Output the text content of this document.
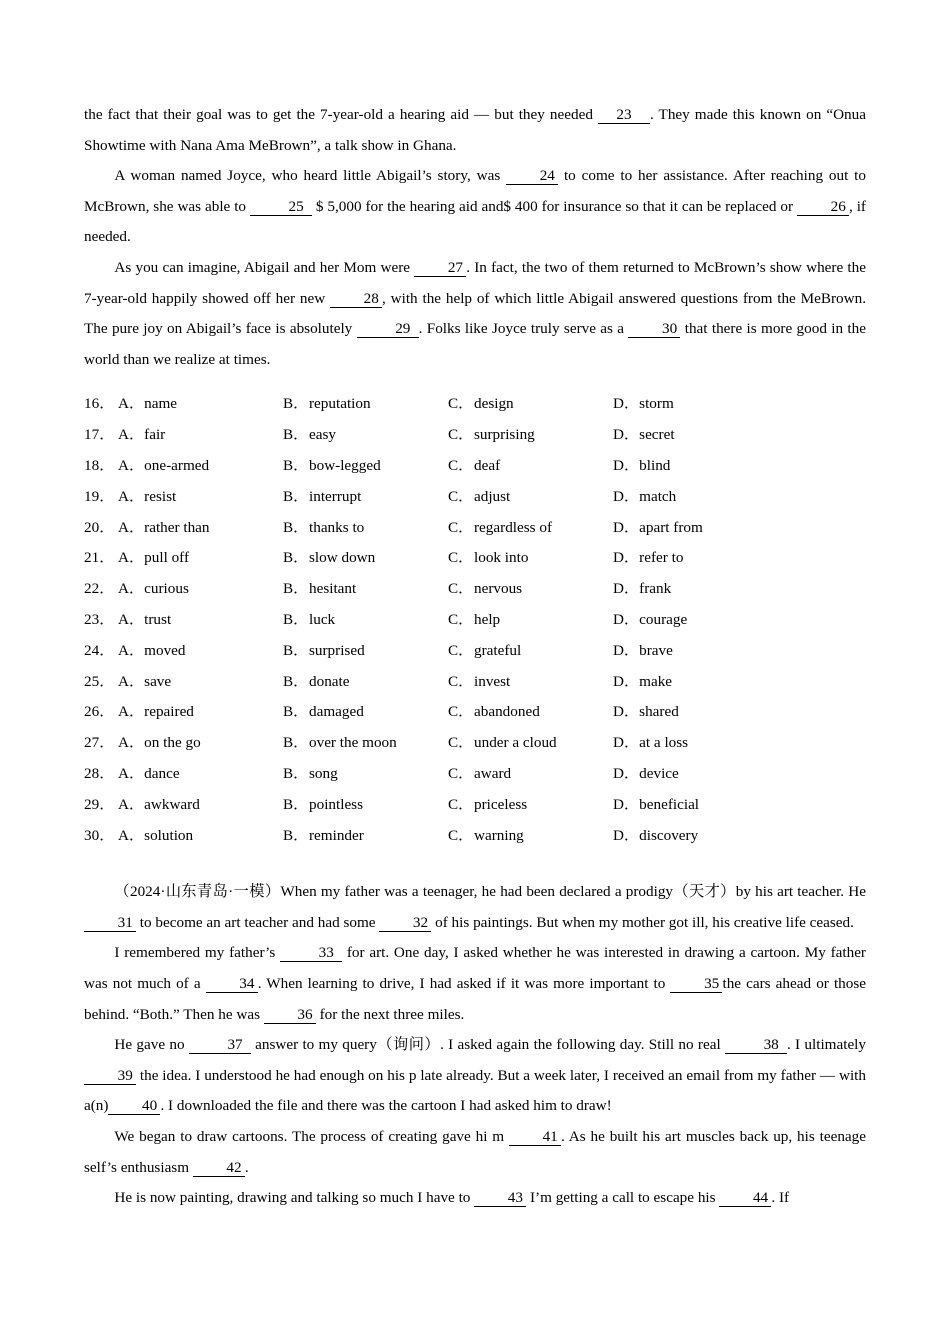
the fact that their goal was to get the 7-year-old a hearing aid — but they needed 23 . They made this known on “Onua Showtime with Nana Ama MeBrown”, a talk show in Ghana.

A woman named Joyce, who heard little Abigail’s story, was 24 to come to her assistance. After reaching out to McBrown, she was able to	25 $ 5,000 for the hearing aid and$ 400 for insurance so that it can be replaced or 26 , if needed.

As you can imagine, Abigail and her Mom were 27 . In fact, the two of them returned to McBrown’s show where the 7-year-old happily showed off her new 28 , with the help of which little Abigail answered questions from the MeBrown. The pure joy on Abigail’s face is absolutely	29 . Folks like Joyce truly serve as a 30 that there is more good in the world than we realize at times.

16． A． name	B． reputation	C． design	D． storm
17． A． fair	B． easy	C． surprising	D． secret
18． A． one-armed	B． bow-legged	C． deaf	D． blind
19． A． resist	B． interrupt	C． adjust	D． match
20． A． rather than	B． thanks to	C． regardless of	D． apart from
21． A． pull off	B． slow down	C． look into	D． refer to
22． A． curious	B． hesitant	C． nervous	D． frank
23． A． trust	B． luck	C． help	D． courage
24． A． moved	B． surprised	C． grateful	D． brave
25． A． save	B． donate	C． invest	D． make
26． A． repaired	B． damaged	C． abandoned	D． shared
27． A． on the go	B． over the moon	C． under a cloud	D． at a loss
28． A． dance	B． song	C． award	D． device
29． A． awkward	B． pointless	C． priceless	D． beneficial
30． A． solution	B． reminder	C． warning	D． discovery

（2024·山东青岛·一模）When my father was a teenager, he had been declared a prodigy（天才）by his art teacher. He 31 to become an art teacher and had some 32 of his paintings. But when my mother got ill, his creative life ceased.

I remembered my father’s	33 for art. One day, I asked whether he was interested in drawing a cartoon. My father was not much of a 34 . When learning to drive, I had asked if it was more important to 35 the cars ahead or those behind. “Both.” Then he was 36 for the next three miles.

He gave no	37 answer to my query（询问）. I asked again the following day. Still no real	38 . I ultimately 39 the idea. I understood he had enough on his p late already. But a week later, I received an email from my father — with a(n) 40 . I downloaded the file and there was the cartoon I had asked him to draw!

We began to draw cartoons. The process of creating gave hi m 41 . As he built his art muscles back up, his teenage self’s enthusiasm 42 .

He is now painting, drawing and talking so much I have to 43 I’m getting a call to escape his 44 . If
